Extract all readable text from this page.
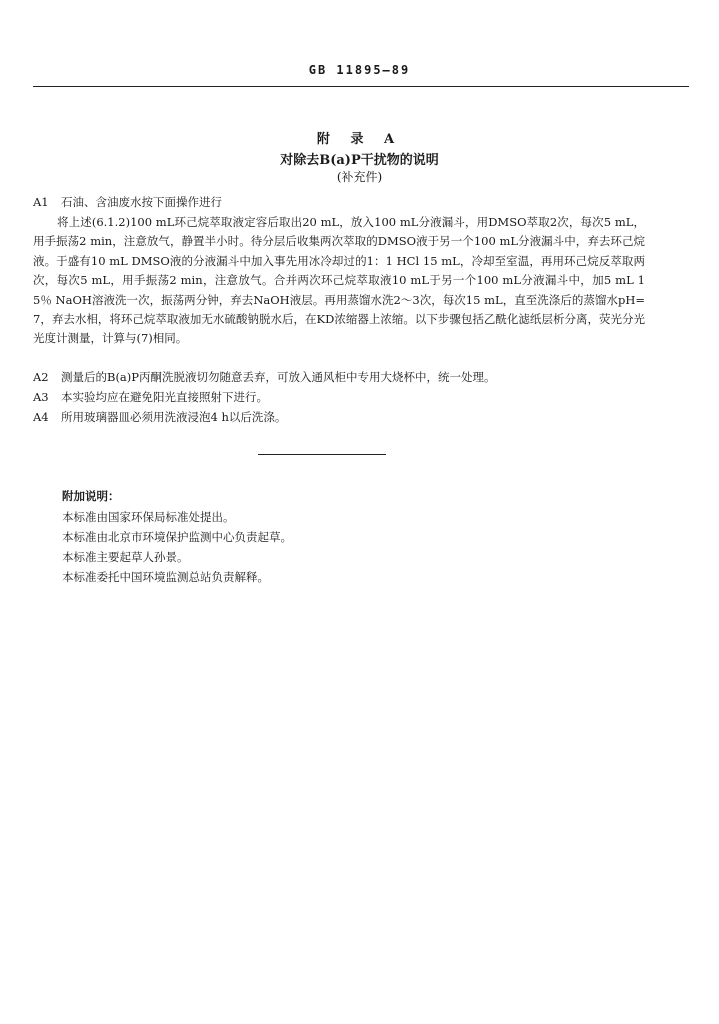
GB 11895—89
附 录 A
对除去B(a)P干扰物的说明
(补充件)
A1 石油、含油废水按下面操作进行
将上述(6.1.2)100 mL环己烷萃取液定容后取出20 mL，放入100 mL分液漏斗，用DMSO萃取2次，每次5 mL，用手振荡2 min，注意放气，静置半小时。待分层后收集两次萃取的DMSO液于另一个100 mL分液漏斗中，弃去环己烷液。于盛有10 mL DMSO液的分液漏斗中加入事先用冰冷却过的1：1 HCl 15 mL，冷却至室温，再用环己烷反萃取两次，每次5 mL，用手振荡2 min，注意放气。合并两次环己烷萃取液10 mL于另一个100 mL分液漏斗中，加5 mL 15％ NaOH溶液洗一次，振荡两分钟，弃去NaOH液层。再用蒸馏水洗2～3次，每次15 mL，直至洗涤后的蒸馏水pH=7，弃去水相，将环己烷萃取液加无水硫酸钠脱水后，在KD浓缩器上浓缩。以下步骤包括乙酰化滤纸层析分离，荧光分光光度计测量，计算与(7)相同。
A2 测量后的B(a)P丙酮洗脱液切勿随意丢弃，可放入通风柜中专用大烧杯中，统一处理。
A3 本实验均应在避免阳光直接照射下进行。
A4 所用玻璃器皿必须用洗液浸泡4 h以后洗涤。
附加说明：
本标准由国家环保局标准处提出。
本标准由北京市环境保护监测中心负责起草。
本标准主要起草人孙景。
本标准委托中国环境监测总站负责解释。
